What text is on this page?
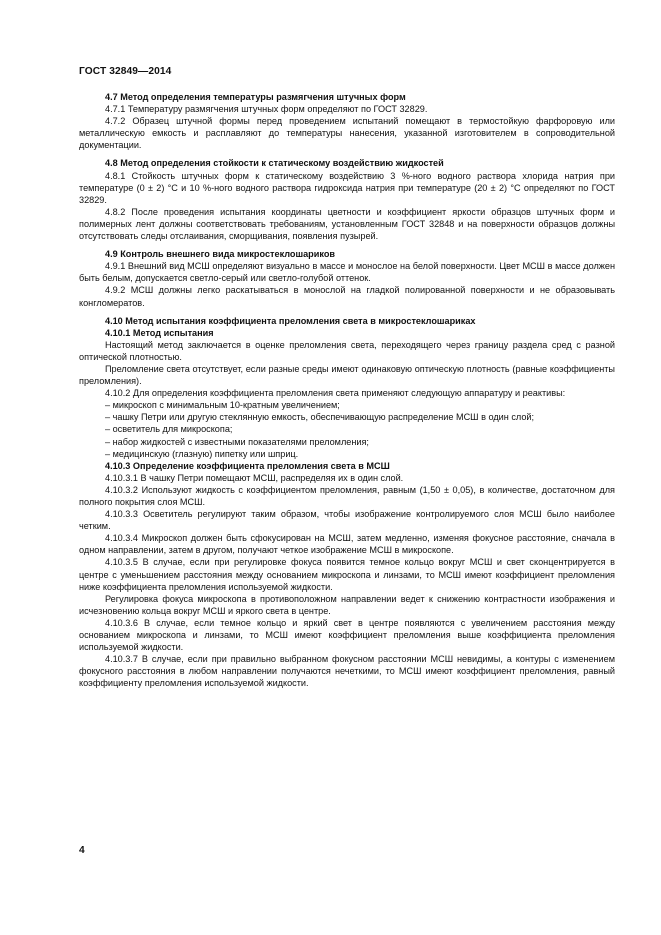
ГОСТ 32849—2014

4.7 Метод определения температуры размягчения штучных форм

4.7.1 Температуру размягчения штучных форм определяют по ГОСТ 32829.

4.7.2 Образец штучной формы перед проведением испытаний помещают в термостойкую фарфоровую или металлическую емкость и расплавляют до температуры нанесения, указанной изготовителем в сопроводительной документации.

4.8 Метод определения стойкости к статическому воздействию жидкостей

4.8.1 Стойкость штучных форм к статическому воздействию 3 %-ного водного раствора хлорида натрия при температуре (0 ± 2) °С и 10 %-ного водного раствора гидроксида натрия при температуре (20 ± 2) °С определяют по ГОСТ 32829.

4.8.2 После проведения испытания координаты цветности и коэффициент яркости образцов штучных форм и полимерных лент должны соответствовать требованиям, установленным ГОСТ 32848 и на поверхности образцов должны отсутствовать следы отслаивания, сморщивания, появления пузырей.

4.9 Контроль внешнего вида микростеклошариков

4.9.1 Внешний вид МСШ определяют визуально в массе и монослое на белой поверхности. Цвет МСШ в массе должен быть белым, допускается светло-серый или светло-голубой оттенок.

4.9.2 МСШ должны легко раскатываться в монослой на гладкой полированной поверхности и не образовывать конгломератов.

4.10 Метод испытания коэффициента преломления света в микростеклошариках

4.10.1 Метод испытания

Настоящий метод заключается в оценке преломления света, переходящего через границу раздела сред с разной оптической плотностью.

Преломление света отсутствует, если разные среды имеют одинаковую оптическую плотность (равные коэффициенты преломления).

4.10.2 Для определения коэффициента преломления света применяют следующую аппаратуру и реактивы:

– микроскоп с минимальным 10-кратным увеличением;

– чашку Петри или другую стеклянную емкость, обеспечивающую распределение МСШ в один слой;

– осветитель для микроскопа;

– набор жидкостей с известными показателями преломления;

– медицинскую (глазную) пипетку или шприц.

4.10.3 Определение коэффициента преломления света в МСШ

4.10.3.1 В чашку Петри помещают МСШ, распределяя их в один слой.

4.10.3.2 Используют жидкость с коэффициентом преломления, равным (1,50 ± 0,05), в количестве, достаточном для полного покрытия слоя МСШ.

4.10.3.3 Осветитель регулируют таким образом, чтобы изображение контролируемого слоя МСШ было наиболее четким.

4.10.3.4 Микроскоп должен быть сфокусирован на МСШ, затем медленно, изменяя фокусное расстояние, сначала в одном направлении, затем в другом, получают четкое изображение МСШ в микроскопе.

4.10.3.5 В случае, если при регулировке фокуса появится темное кольцо вокруг МСШ и свет сконцентрируется в центре с уменьшением расстояния между основанием микроскопа и линзами, то МСШ имеют коэффициент преломления ниже коэффициента преломления используемой жидкости.

Регулировка фокуса микроскопа в противоположном направлении ведет к снижению контрастности изображения и исчезновению кольца вокруг МСШ и яркого света в центре.

4.10.3.6 В случае, если темное кольцо и яркий свет в центре появляются с увеличением расстояния между основанием микроскопа и линзами, то МСШ имеют коэффициент преломления выше коэффициента преломления используемой жидкости.

4.10.3.7 В случае, если при правильно выбранном фокусном расстоянии МСШ невидимы, а контуры с изменением фокусного расстояния в любом направлении получаются нечеткими, то МСШ имеют коэффициент преломления, равный коэффициенту преломления используемой жидкости.

4
